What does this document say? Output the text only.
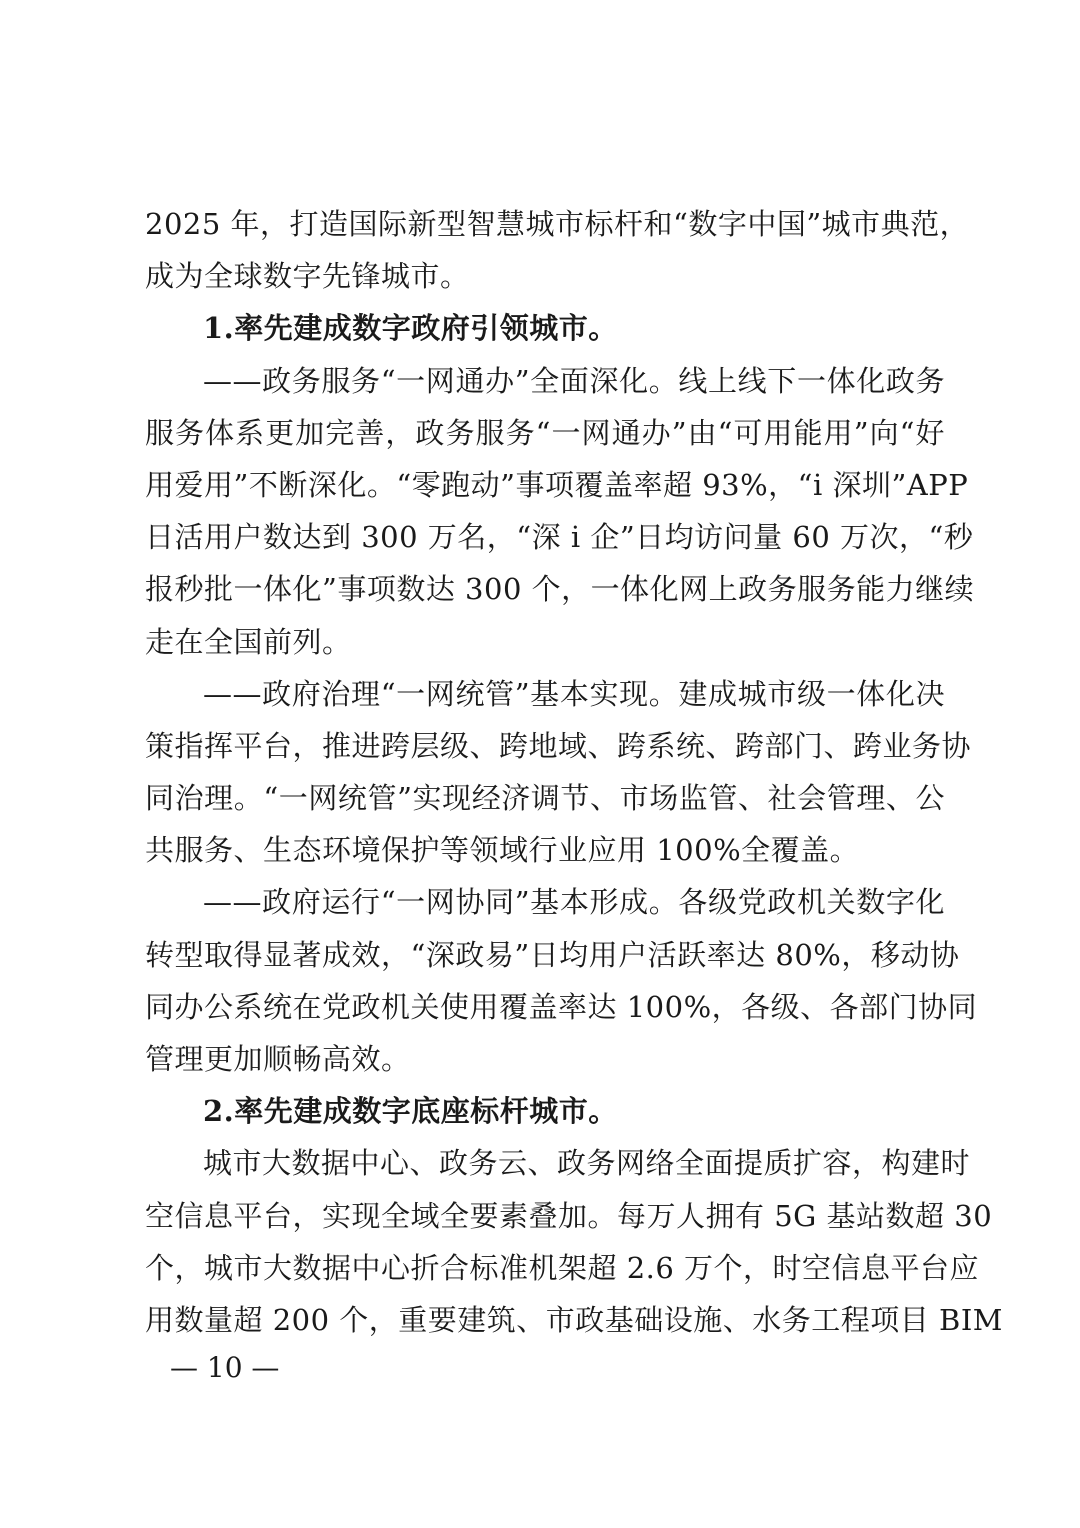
2025 年，打造国际新型智慧城市标杆和“数字中国”城市典范，
成为全球数字先锋城市。
1.率先建成数字政府引领城市。
——政务服务“一网通办”全面深化。线上线下一体化政务
服务体系更加完善，政务服务“一网通办”由“可用能用”向“好
用爱用”不断深化。“零跑动”事项覆盖率超 93%，“i 深圳”APP
日活用户数达到 300 万名，“深 i 企”日均访问量 60 万次，“秒
报秒批一体化”事项数达 300 个，一体化网上政务服务能力继续
走在全国前列。
——政府治理“一网统管”基本实现。建成城市级一体化决
策指挥平台，推进跨层级、跨地域、跨系统、跨部门、跨业务协
同治理。“一网统管”实现经济调节、市场监管、社会管理、公
共服务、生态环境保护等领域行业应用 100%全覆盖。
——政府运行“一网协同”基本形成。各级党政机关数字化
转型取得显著成效，“深政易”日均用户活跃率达 80%，移动协
同办公系统在党政机关使用覆盖率达 100%，各级、各部门协同
管理更加顺畅高效。
2.率先建成数字底座标杆城市。
城市大数据中心、政务云、政务网络全面提质扩容，构建时
空信息平台，实现全域全要素叠加。每万人拥有 5G 基站数超 30
个，城市大数据中心折合标准机架超 2.6 万个，时空信息平台应
用数量超 200 个，重要建筑、市政基础设施、水务工程项目 BIM
— 10 —
